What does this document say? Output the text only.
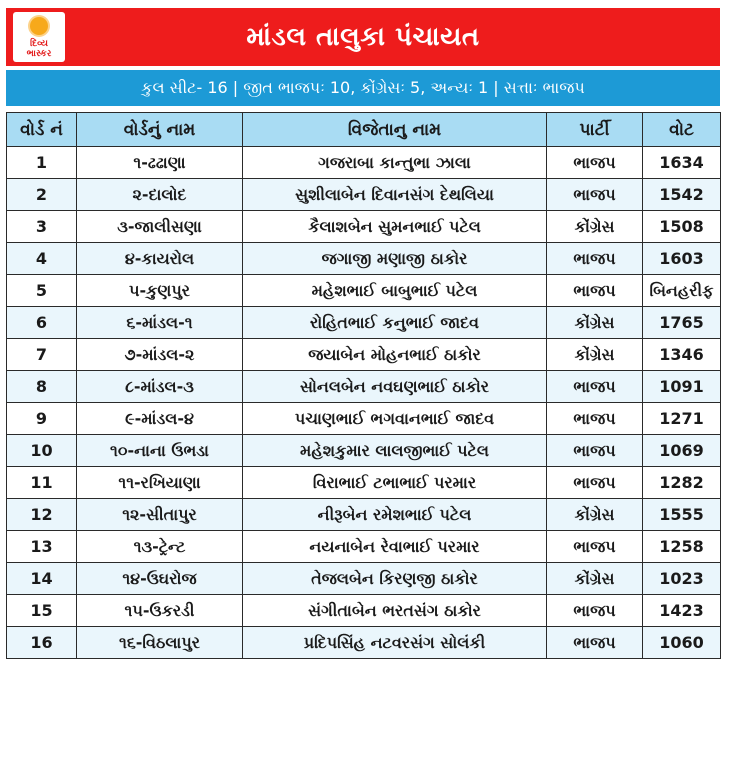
દિવ્ય
ભાસ્કર
માંડલ તાલુકા પંચાયત
કુલ સીટ- 16 | જીત ભાજપઃ 10, કોંગ્રેસઃ 5, અન્યઃ 1 | સત્તાઃ ભાજપ
વોર્ડ નં	વોર્ડનું નામ	વિજેતાનુ નામ	પાર્ટી	વોટ
1	૧-ઢઢાણા	ગજરાબા કાન્તુભા ઝાલા	ભાજપ	1634
2	૨-દાલોદ	સુશીલાબેન દિવાનસંગ દેથલિયા	ભાજપ	1542
3	૩-જાલીસણા	કૈલાશબેન સુમનભાઈ પટેલ	કોંગ્રેસ	1508
4	૪-કાયરોલ	જગાજી મણાજી ઠાકોર	ભાજપ	1603
5	૫-કુણપુર	મહેશભાઈ બાબુભાઈ પટેલ	ભાજપ	બિનહરીફ
6	૬-માંડલ-૧	રોહિતભાઈ કનુભાઈ જાદવ	કોંગ્રેસ	1765
7	૭-માંડલ-૨	જયાબેન મોહનભાઈ ઠાકોર	કોંગ્રેસ	1346
8	૮-માંડલ-૩	સોનલબેન નવઘણભાઈ ઠાકોર	ભાજપ	1091
9	૯-માંડલ-૪	પચાણભાઈ ભગવાનભાઈ જાદવ	ભાજપ	1271
10	૧૦-નાના ઉભડા	મહેશકુમાર લાલજીભાઈ પટેલ	ભાજપ	1069
11	૧૧-રખિયાણા	વિરાભાઈ ટભાભાઈ પરમાર	ભાજપ	1282
12	૧૨-સીતાપુર	નીરૂબેન રમેશભાઈ પટેલ	કોંગ્રેસ	1555
13	૧૩-ટ્રેન્ટ	નયનાબેન રેવાભાઈ પરમાર	ભાજપ	1258
14	૧૪-ઉઘરોજ	તેજલબેન કિરણજી ઠાકોર	કોંગ્રેસ	1023
15	૧૫-ઉકરડી	સંગીતાબેન ભરતસંગ ઠાકોર	ભાજપ	1423
16	૧૬-વિઠલાપુર	પ્રદિપસિંહ નટવરસંગ સોલંકી	ભાજપ	1060
